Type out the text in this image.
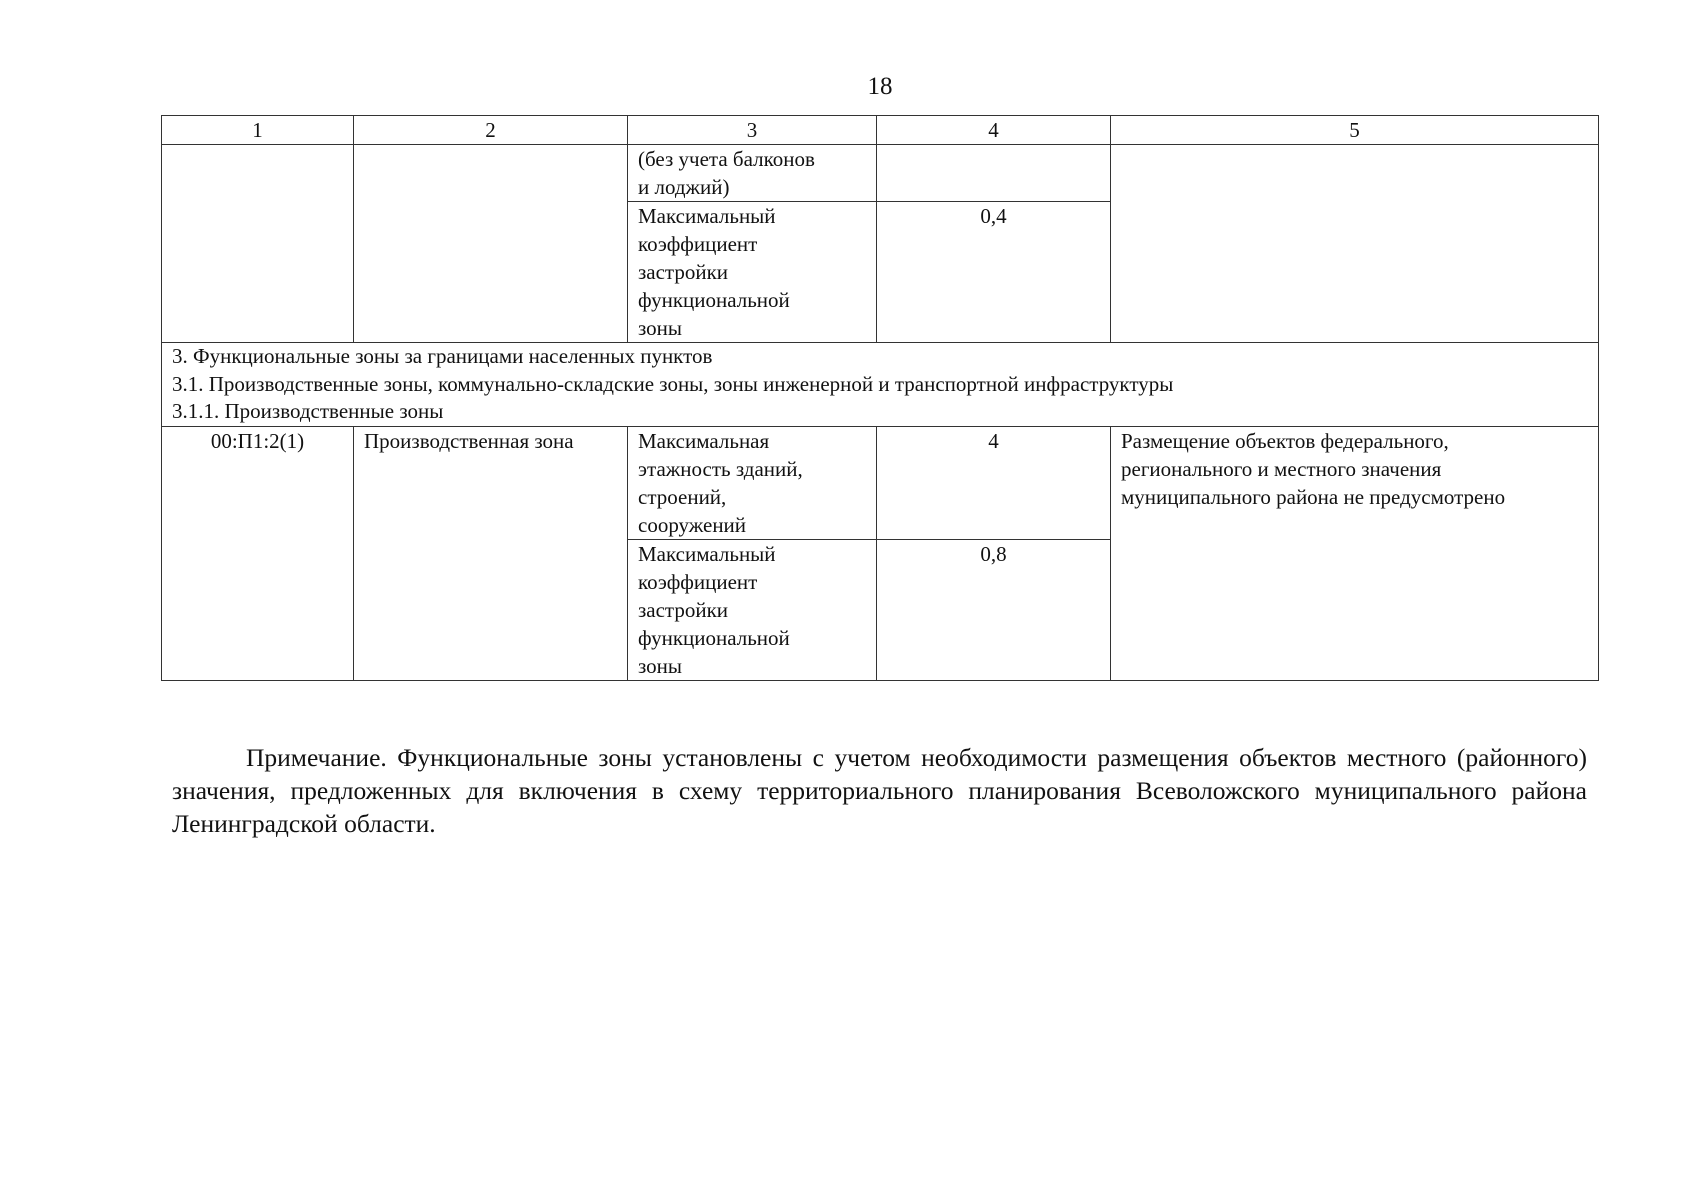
18
1	2	3	4	5

		(без учета балконов
и лоджий)		

		Максимальный
коэффициент
застройки
функциональной
зоны	0,4	

3. Функциональные зоны за границами населенных пунктов
3.1. Производственные зоны, коммунально-складские зоны, зоны инженерной и транспортной инфраструктуры
3.1.1. Производственные зоны				

00:П1:2(1)	Производственная зона	Максимальная
этажность зданий,
строений,
сооружений	4	Размещение объектов федерального,
регионального и местного значения
муниципального района не предусмотрено

		Максимальный
коэффициент
застройки
функциональной
зоны	0,8	

Примечание. Функциональные зоны установлены с учетом необходимости размещения объектов местного (районного) значения, предложенных для включения в схему территориального планирования Всеволожского муниципального района Ленинградской области.
